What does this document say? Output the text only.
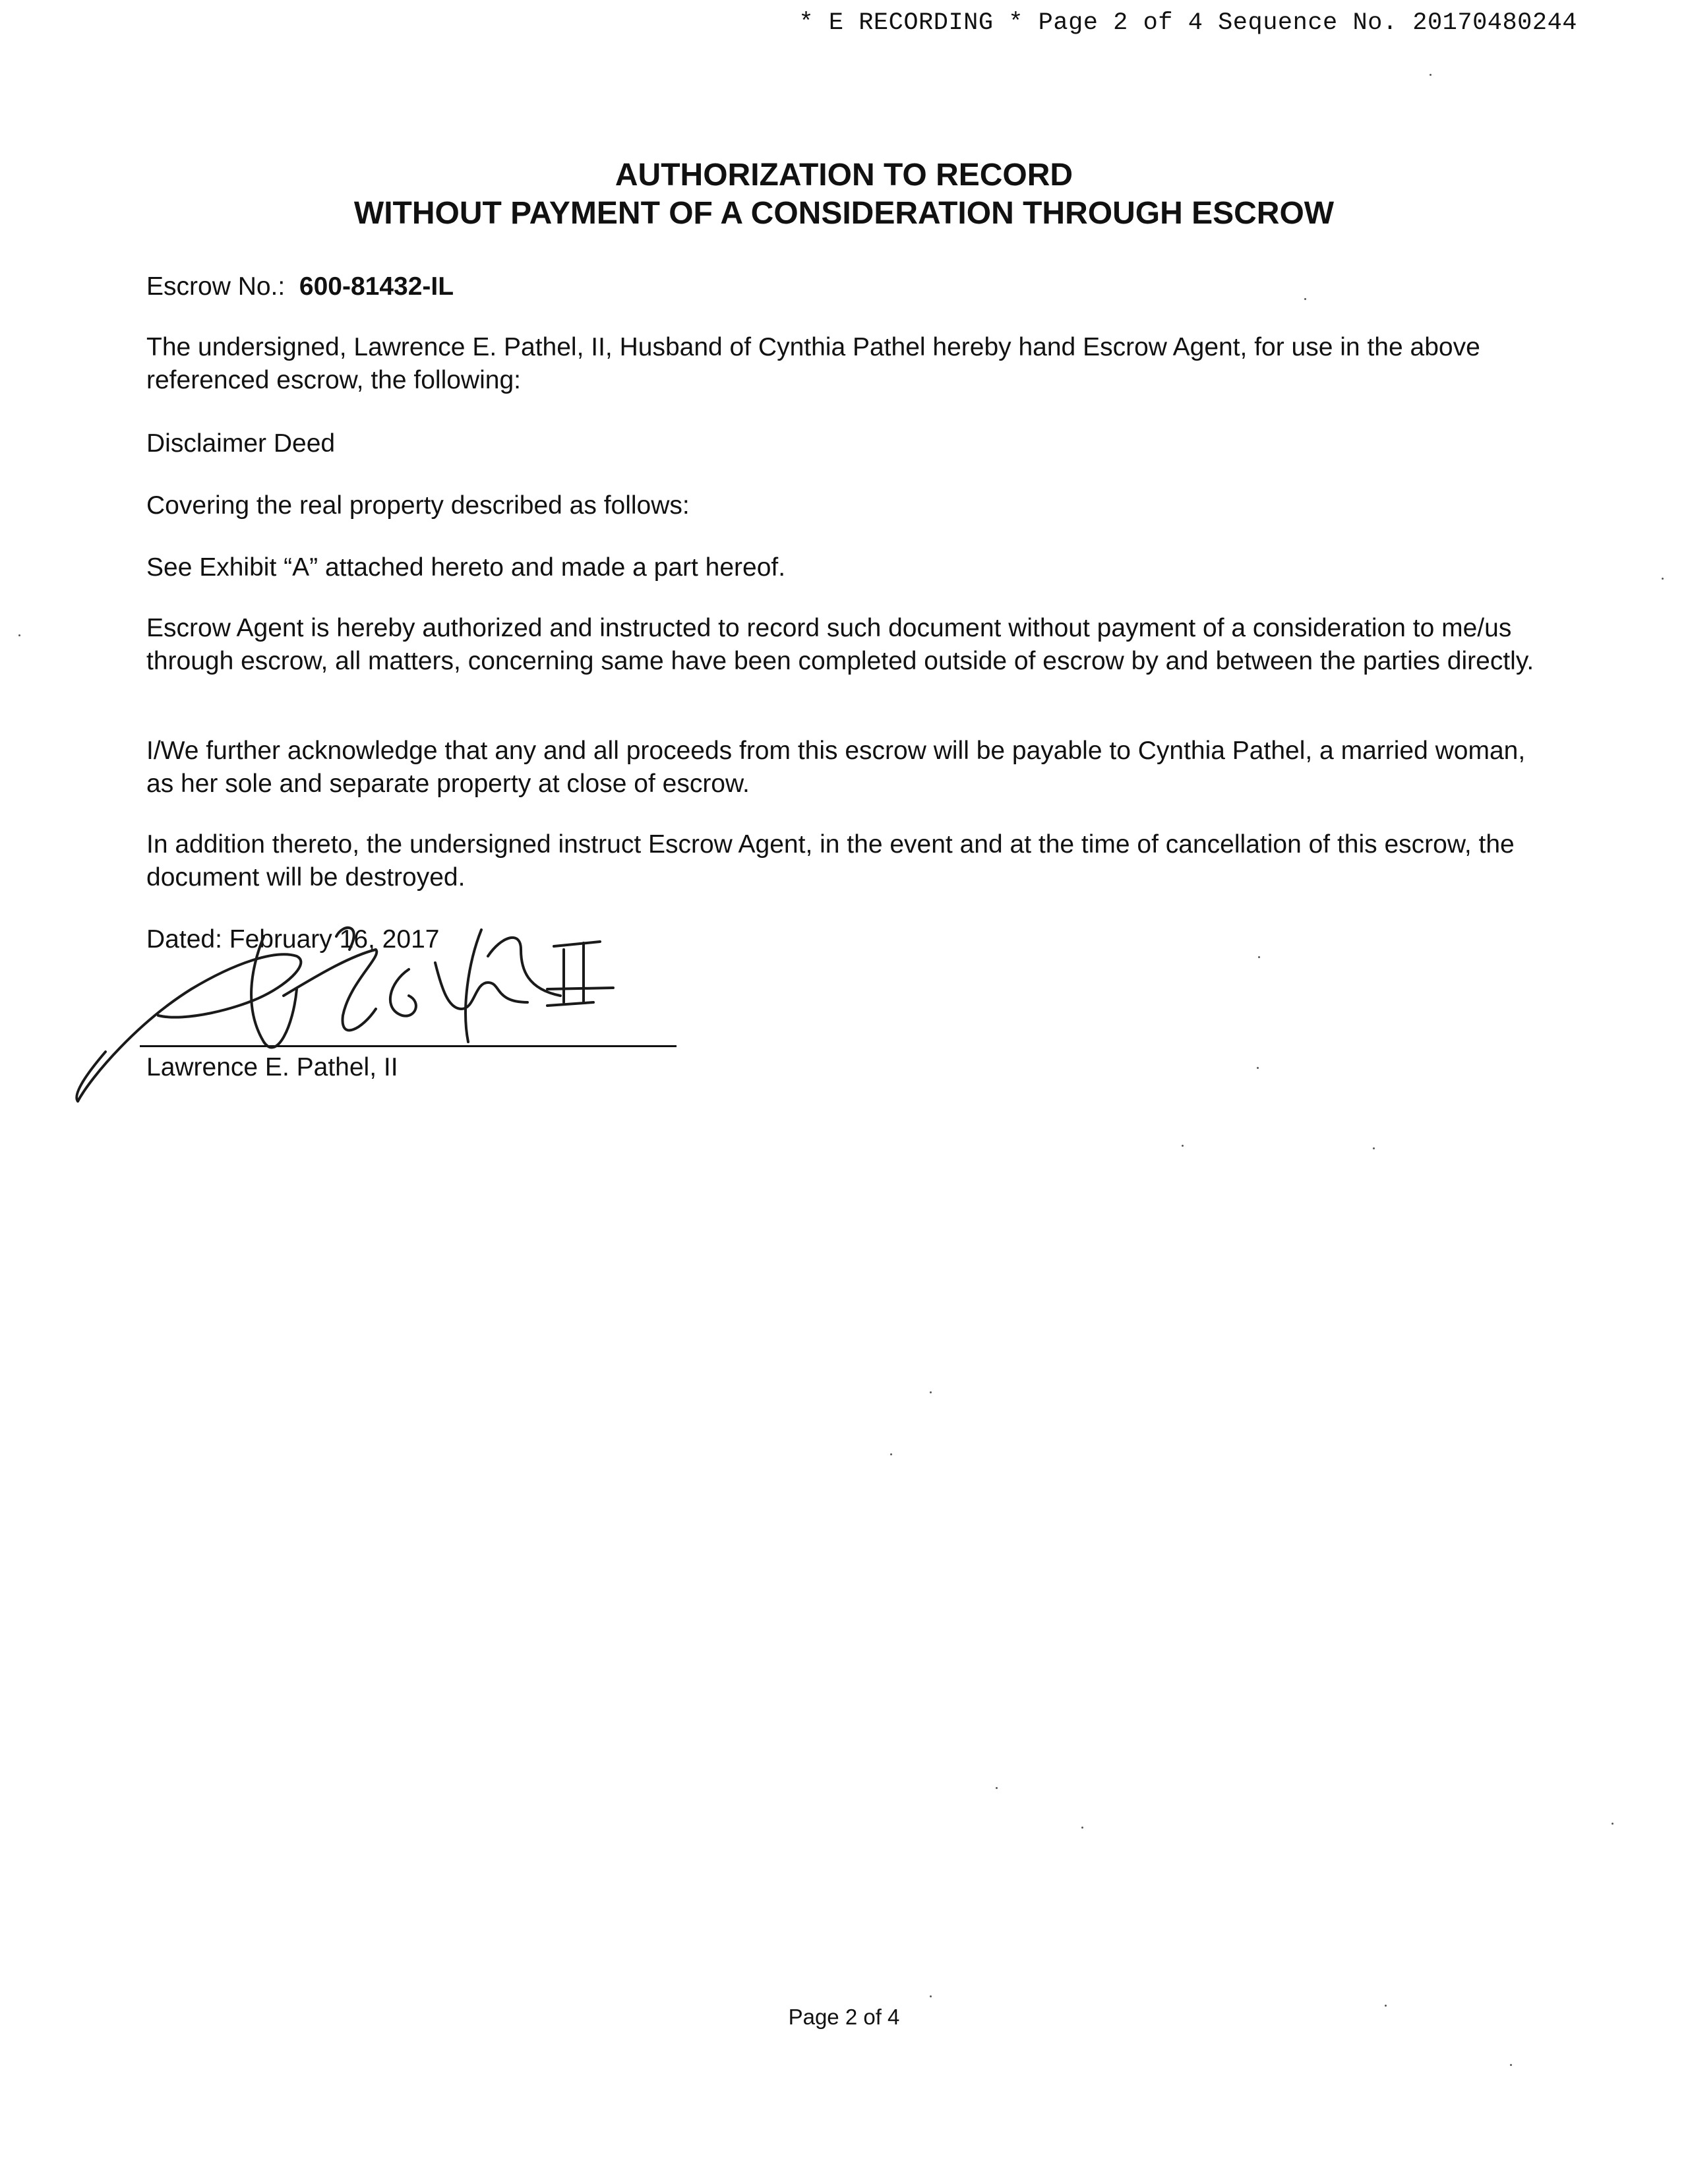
* E RECORDING * Page 2 of 4 Sequence No. 20170480244
AUTHORIZATION TO RECORD
WITHOUT PAYMENT OF A CONSIDERATION THROUGH ESCROW
Escrow No.: 600-81432-IL
The undersigned, Lawrence E. Pathel, II, Husband of Cynthia Pathel hereby hand Escrow Agent, for use in the above referenced escrow, the following:
Disclaimer Deed
Covering the real property described as follows:
See Exhibit “A” attached hereto and made a part hereof.
Escrow Agent is hereby authorized and instructed to record such document without payment of a consideration to me/us through escrow, all matters, concerning same have been completed outside of escrow by and between the parties directly.
I/We further acknowledge that any and all proceeds from this escrow will be payable to Cynthia Pathel, a married woman, as her sole and separate property at close of escrow.
In addition thereto, the undersigned instruct Escrow Agent, in the event and at the time of cancellation of this escrow, the document will be destroyed.
Dated: February 16, 2017
Lawrence E. Pathel, II
Page 2 of 4
